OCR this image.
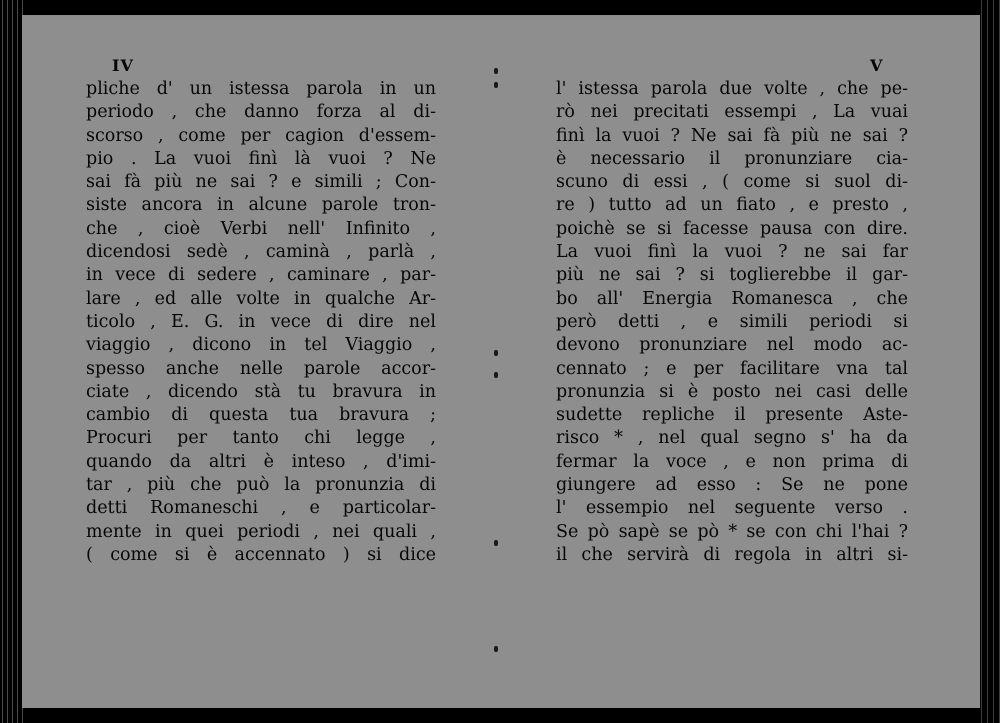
IV
pliche d' un istessa parola in un
periodo , che danno forza al di-
scorso , come per cagion d'essem-
pio . La vuoi finì là vuoi ? Ne
sai fà più ne sai ? e simili ; Con-
siste ancora in alcune parole tron-
che , cioè Verbi nell' Infinito ,
dicendosi sedè , caminà , parlà ,
in vece di sedere , caminare , par-
lare , ed alle volte in qualche Ar-
ticolo , E. G. in vece di dire nel
viaggio , dicono in tel Viaggio ,
spesso anche nelle parole accor-
ciate , dicendo stà tu bravura in
cambio di questa tua bravura ;
Procuri per tanto chi legge ,
quando da altri è inteso , d'imi-
tar , più che può la pronunzia di
detti Romaneschi , e particolar-
mente in quei periodi , nei quali ,
( come si è accennato ) si dice
V
l' istessa parola due volte , che pe-
rò nei precitati essempi , La vuai
finì la vuoi ? Ne sai fà più ne sai ?
è necessario il pronunziare cia-
scuno di essi , ( come si suol di-
re ) tutto ad un fiato , e presto ,
poichè se si facesse pausa con dire.
La vuoi finì la vuoi ? ne sai far
più ne sai ? si toglierebbe il gar-
bo all' Energia Romanesca , che
però detti , e simili periodi si
devono pronunziare nel modo ac-
cennato ; e per facilitare vna tal
pronunzia si è posto nei casi delle
sudette repliche il presente Aste-
risco * , nel qual segno s' ha da
fermar la voce , e non prima di
giungere ad esso : Se ne pone
l' essempio nel seguente verso .
Se pò sapè se pò * se con chi l'hai ?
il che servirà di regola in altri si-
